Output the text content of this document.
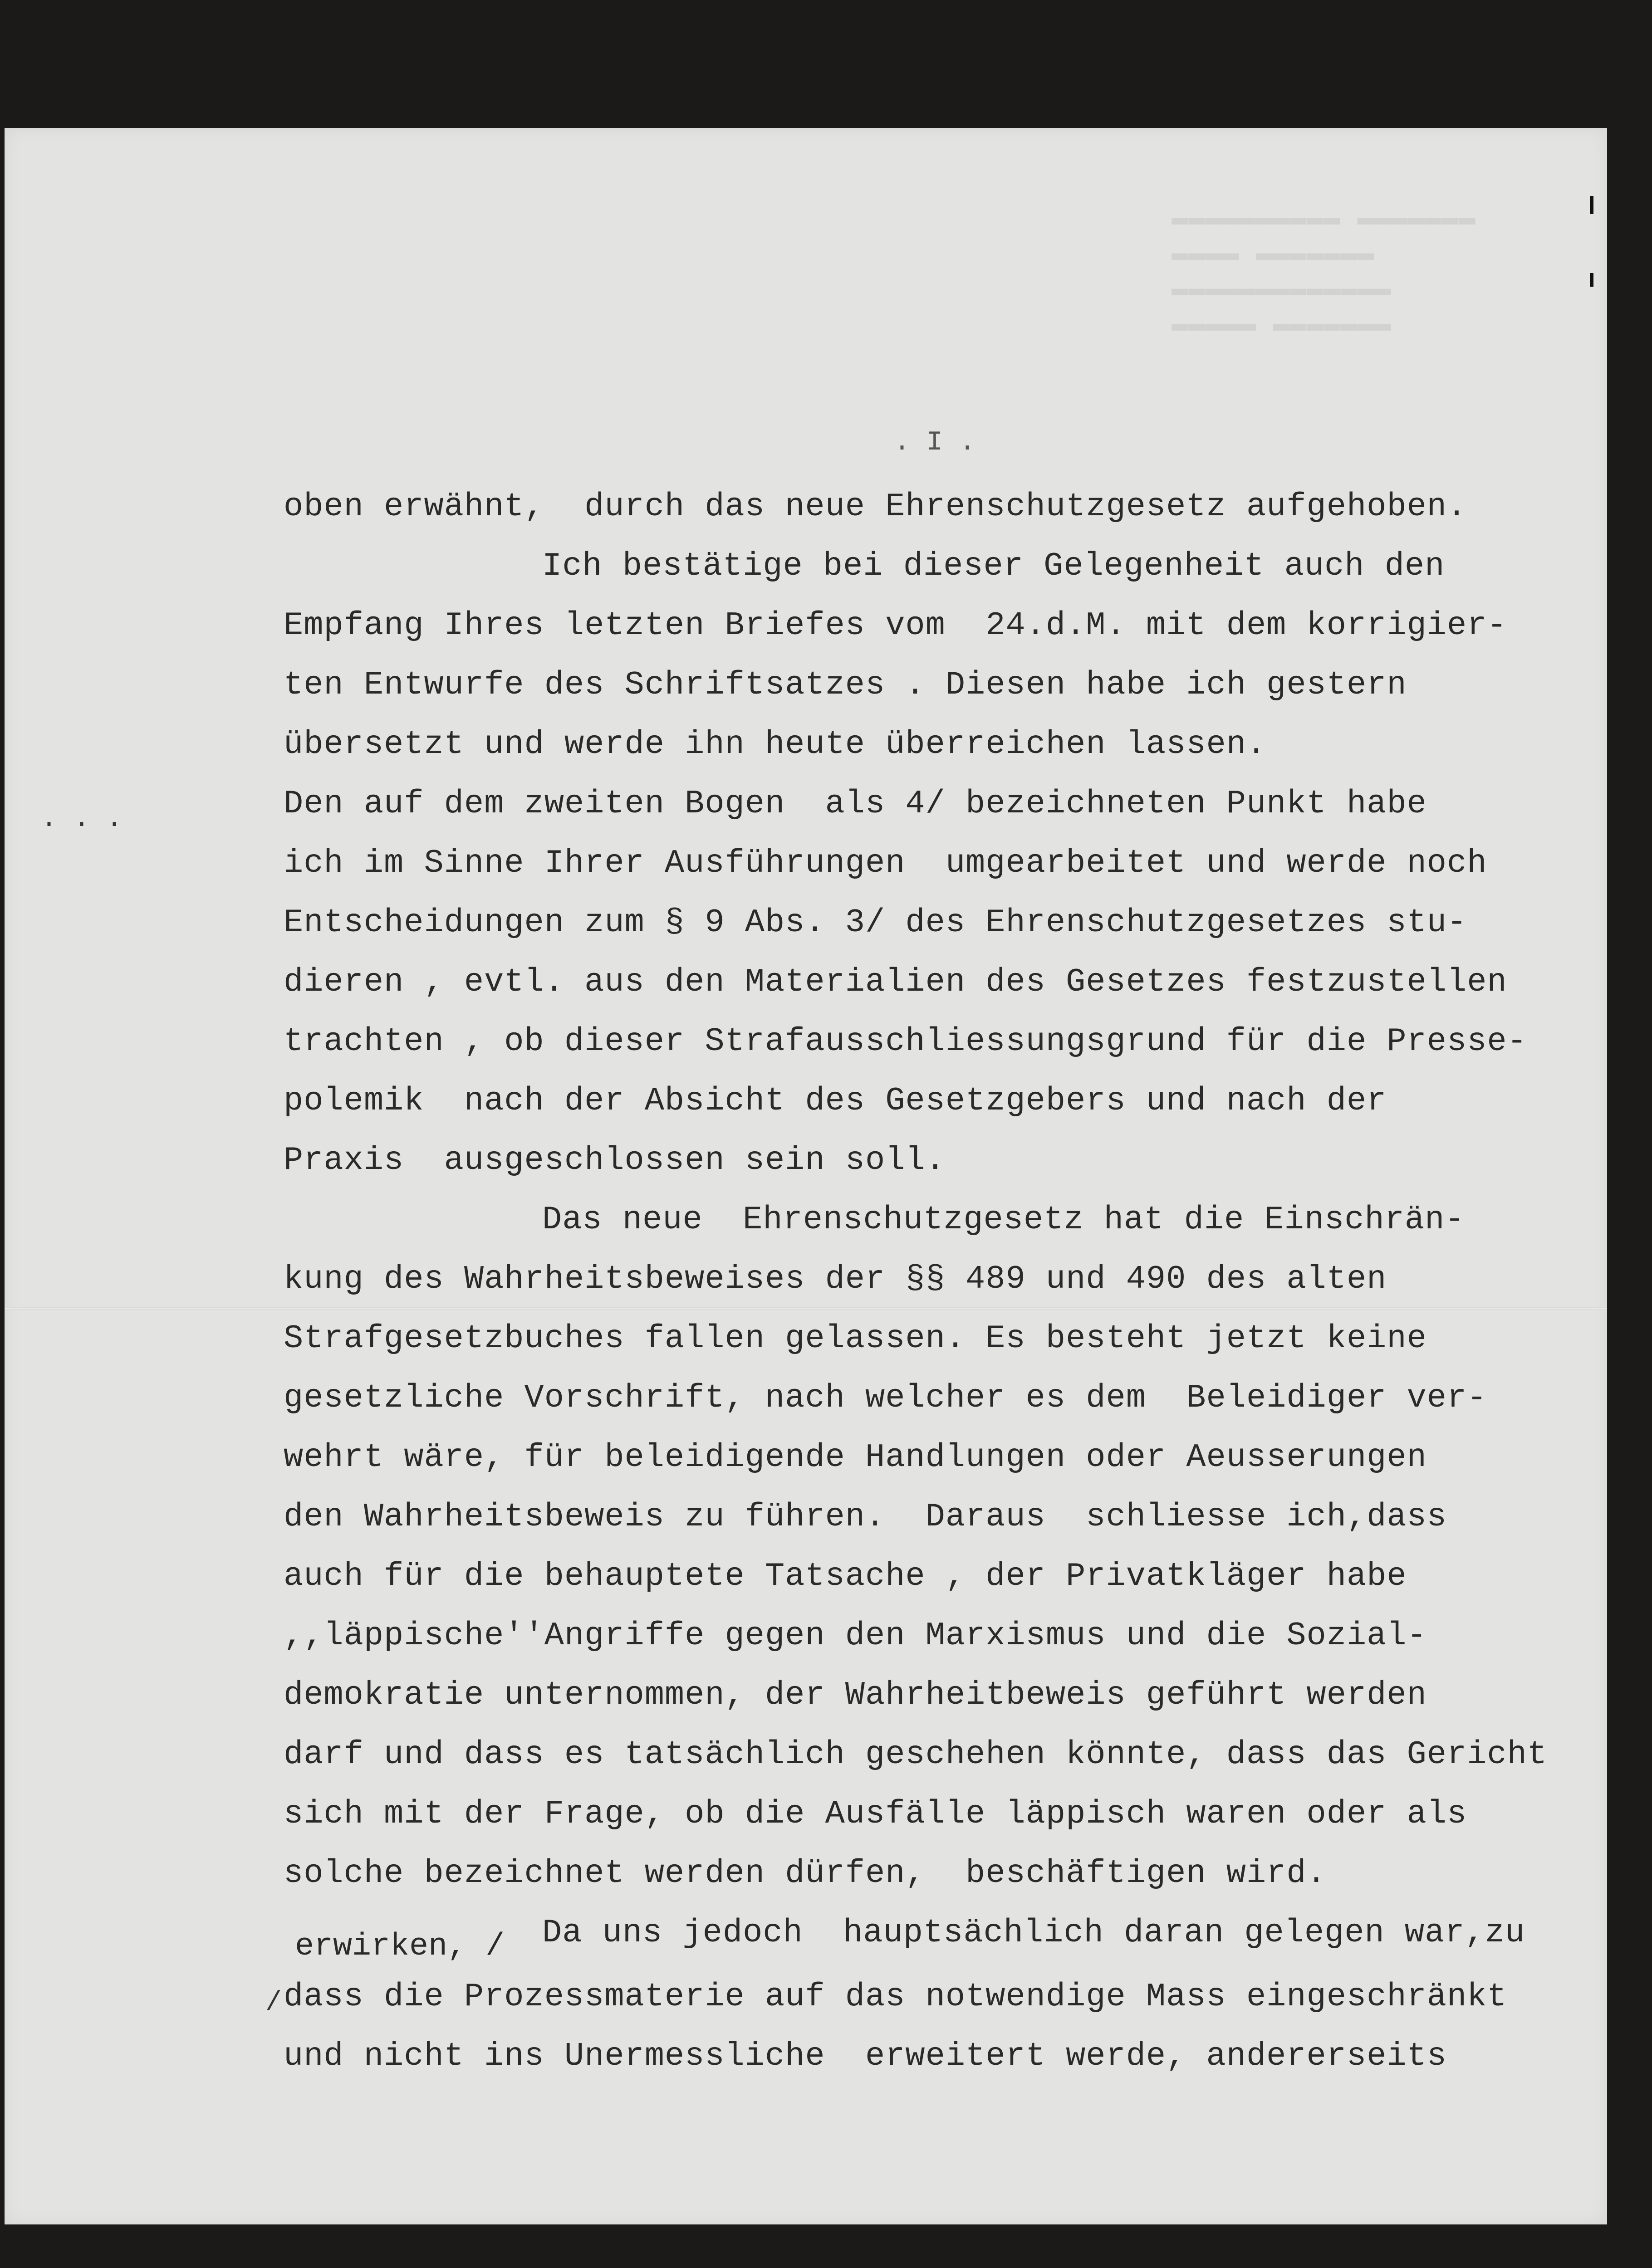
▬▬▬▬▬▬▬ ▬▬▬▬▬▬▬▬▬▬
▬▬▬▬▬▬▬ ▬▬▬▬
▬▬▬▬▬▬▬▬▬▬▬▬▬
▬▬▬▬▬▬▬ ▬▬▬▬▬
. I .
. . .
erwirken, /
/
oben erwähnt,  durch das neue Ehrenschutzgesetz aufgehoben.
Ich bestätige bei dieser Gelegenheit auch den
Empfang Ihres letzten Briefes vom  24.d.M. mit dem korrigier-
ten Entwurfe des Schriftsatzes . Diesen habe ich gestern
übersetzt und werde ihn heute überreichen lassen.
Den auf dem zweiten Bogen  als 4/ bezeichneten Punkt habe
ich im Sinne Ihrer Ausführungen  umgearbeitet und werde noch
Entscheidungen zum § 9 Abs. 3/ des Ehrenschutzgesetzes stu-
dieren , evtl. aus den Materialien des Gesetzes festzustellen
trachten , ob dieser Strafausschliessungsgrund für die Presse-
polemik  nach der Absicht des Gesetzgebers und nach der
Praxis  ausgeschlossen sein soll.
Das neue  Ehrenschutzgesetz hat die Einschrän-
kung des Wahrheitsbeweises der §§ 489 und 490 des alten
Strafgesetzbuches fallen gelassen. Es besteht jetzt keine
gesetzliche Vorschrift, nach welcher es dem  Beleidiger ver-
wehrt wäre, für beleidigende Handlungen oder Aeusserungen
den Wahrheitsbeweis zu führen.  Daraus  schliesse ich,dass
auch für die behauptete Tatsache , der Privatkläger habe
,,läppische''Angriffe gegen den Marxismus und die Sozial-
demokratie unternommen, der Wahrheitbeweis geführt werden
darf und dass es tatsächlich geschehen könnte, dass das Gericht
sich mit der Frage, ob die Ausfälle läppisch waren oder als
solche bezeichnet werden dürfen,  beschäftigen wird.
Da uns jedoch  hauptsächlich daran gelegen war,zu
dass die Prozessmaterie auf das notwendige Mass eingeschränkt
und nicht ins Unermessliche  erweitert werde, andererseits
